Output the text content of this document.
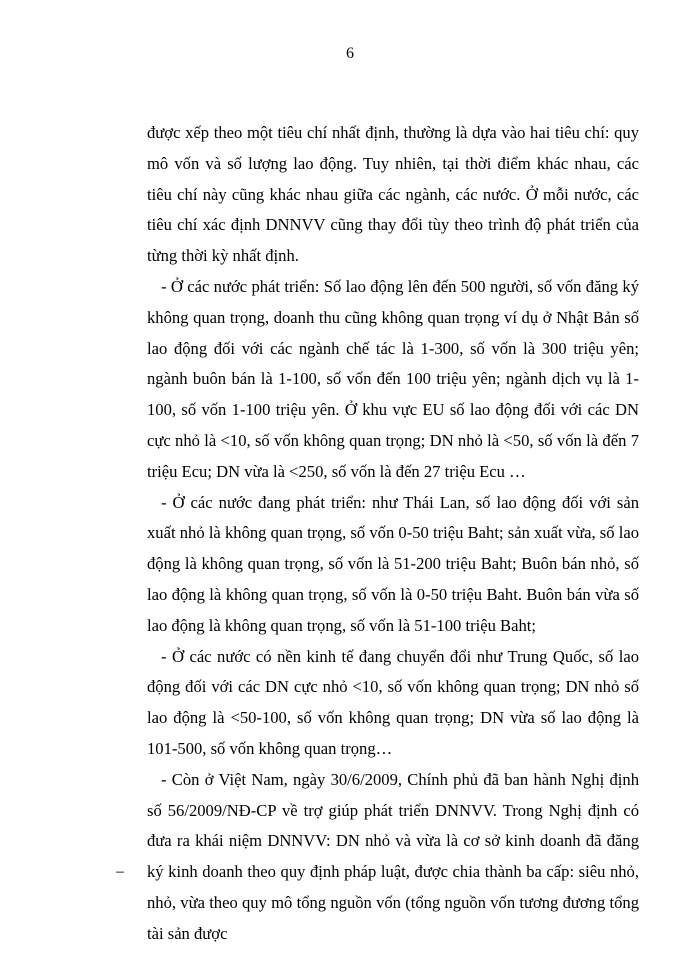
6

được xếp theo một tiêu chí nhất định, thường là dựa vào hai tiêu chí: quy mô vốn và số lượng lao động. Tuy nhiên, tại thời điểm khác nhau, các tiêu chí này cũng khác nhau giữa các ngành, các nước. Ở mỗi nước, các tiêu chí xác định DNNVV cũng thay đổi tùy theo trình độ phát triển của từng thời kỳ nhất định.

- Ở các nước phát triển: Số lao động lên đến 500 người, số vốn đăng ký không quan trọng, doanh thu cũng không quan trọng ví dụ ở Nhật Bản số lao động đối với các ngành chế tác là 1-300, số vốn là 300 triệu yên; ngành buôn bán là 1-100, số vốn đến 100 triệu yên; ngành dịch vụ là 1-100, số vốn 1-100 triệu yên. Ở khu vực EU số lao động đối với các DN cực nhỏ là <10, số vốn không quan trọng; DN nhỏ là <50, số vốn là đến 7 triệu Ecu; DN vừa là <250, số vốn là đến 27 triệu Ecu …

- Ở các nước đang phát triển: như Thái Lan, số lao động đối với sản xuất nhỏ là không quan trọng, số vốn 0-50 triệu Baht; sản xuất vừa, số lao động là không quan trọng, số vốn là 51-200 triệu Baht; Buôn bán nhỏ, số lao động là không quan trọng, số vốn là 0-50 triệu Baht. Buôn bán vừa số lao động là không quan trọng, số vốn là 51-100 triệu Baht;

- Ở các nước có nền kinh tế đang chuyển đổi như Trung Quốc, số lao động đối với các DN cực nhỏ <10, số vốn không quan trọng; DN nhỏ số lao động là <50-100, số vốn không quan trọng; DN vừa số lao động là 101-500, số vốn không quan trọng…

- Còn ở Việt Nam, ngày 30/6/2009, Chính phủ đã ban hành Nghị định số 56/2009/NĐ-CP về trợ giúp phát triển DNNVV. Trong Nghị định có đưa ra khái niệm DNNVV: DN nhỏ và vừa là cơ sở kinh doanh đã đăng ký kinh doanh theo quy định pháp luật, được chia thành ba cấp: siêu nhỏ, nhỏ, vừa theo quy mô tổng nguồn vốn (tổng nguồn vốn tương đương tổng tài sản được

–
